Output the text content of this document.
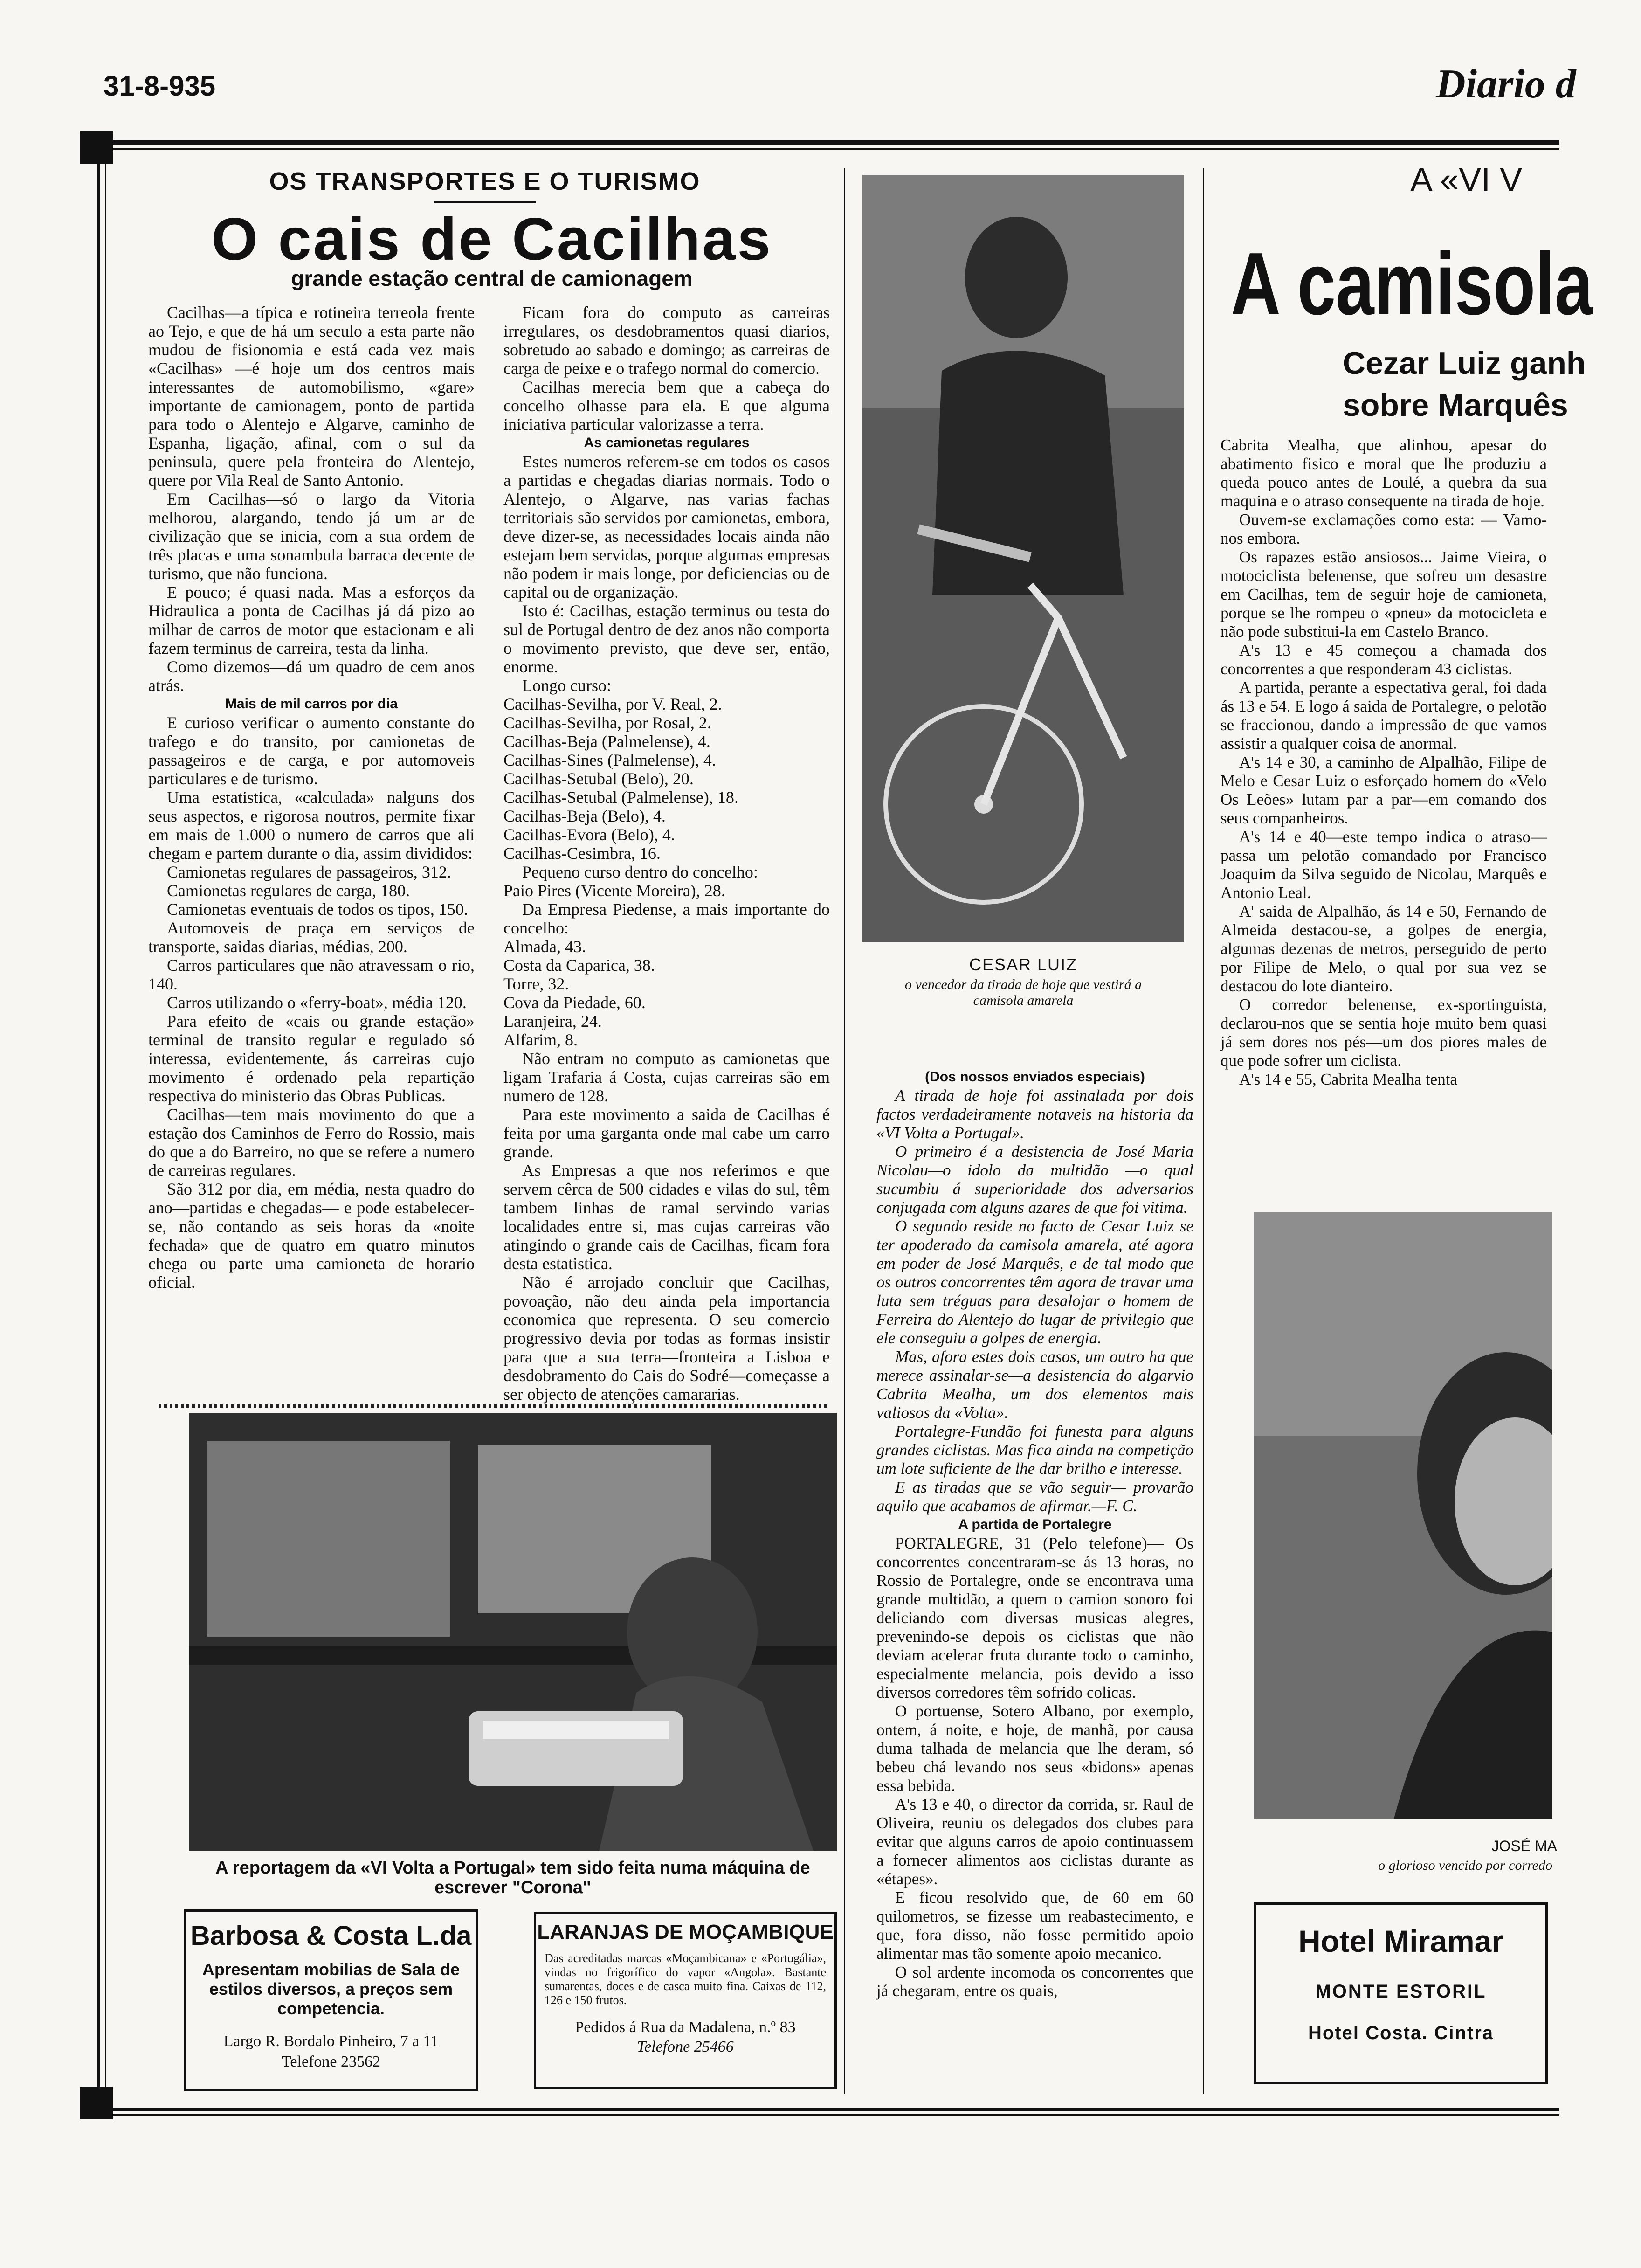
31-8-935	Diario d
OS TRANSPORTES E O TURISMO
O cais de Cacilhas
grande estação central de camionagem

Cacilhas—a típica e rotineira terreola frente ao Tejo, e que de há um seculo a esta parte não mudou de fisionomia e está cada vez mais «Cacilhas» —é hoje um dos centros mais interessantes de automobilismo, «gare» importante de camionagem, ponto de partida para todo o Alentejo e Algarve, caminho de Espanha, ligação, afinal, com o sul da peninsula, quere pela fronteira do Alentejo, quere por Vila Real de Santo Antonio.

Em Cacilhas—só o largo da Vitoria melhorou, alargando, tendo já um ar de civilização que se inicia, com a sua ordem de três placas e uma sonambula barraca decente de turismo, que não funciona.

E pouco; é quasi nada. Mas a esforços da Hidraulica a ponta de Cacilhas já dá pizo ao milhar de carros de motor que estacionam e ali fazem terminus de carreira, testa da linha.

Como dizemos—dá um quadro de cem anos atrás.

Mais de mil carros por dia

E curioso verificar o aumento constante do trafego e do transito, por camionetas de passageiros e de carga, e por automoveis particulares e de turismo.

Uma estatistica, «calculada» nalguns dos seus aspectos, e rigorosa noutros, permite fixar em mais de 1.000 o numero de carros que ali chegam e partem durante o dia, assim divididos:

Camionetas regulares de passageiros, 312.

Camionetas regulares de carga, 180.

Camionetas eventuais de todos os tipos, 150.

Automoveis de praça em serviços de transporte, saidas diarias, médias, 200.

Carros particulares que não atravessam o rio, 140.

Carros utilizando o «ferry-boat», média 120.

Para efeito de «cais ou grande estação» terminal de transito regular e regulado só interessa, evidentemente, ás carreiras cujo movimento é ordenado pela repartição respectiva do ministerio das Obras Publicas.

Cacilhas—tem mais movimento do que a estação dos Caminhos de Ferro do Rossio, mais do que a do Barreiro, no que se refere a numero de carreiras regulares.

São 312 por dia, em média, nesta quadro do ano—partidas e chegadas— e pode estabelecer-se, não contando as seis horas da «noite fechada» que de quatro em quatro minutos chega ou parte uma camioneta de horario oficial.

Ficam fora do computo as carreiras irregulares, os desdobramentos quasi diarios, sobretudo ao sabado e domingo; as carreiras de carga de peixe e o trafego normal do comercio.

Cacilhas merecia bem que a cabeça do concelho olhasse para ela. E que alguma iniciativa particular valorizasse a terra.

As camionetas regulares

Estes numeros referem-se em todos os casos a partidas e chegadas diarias normais. Todo o Alentejo, o Algarve, nas varias fachas territoriais são servidos por camionetas, embora, deve dizer-se, as necessidades locais ainda não estejam bem servidas, porque algumas empresas não podem ir mais longe, por deficiencias ou de capital ou de organização.

Isto é: Cacilhas, estação terminus ou testa do sul de Portugal dentro de dez anos não comporta o movimento previsto, que deve ser, então, enorme.

Longo curso:

Cacilhas-Sevilha, por V. Real, 2.

Cacilhas-Sevilha, por Rosal, 2.

Cacilhas-Beja (Palmelense), 4.

Cacilhas-Sines (Palmelense), 4.

Cacilhas-Setubal (Belo), 20.

Cacilhas-Setubal (Palmelense), 18.

Cacilhas-Beja (Belo), 4.

Cacilhas-Evora (Belo), 4.

Cacilhas-Cesimbra, 16.

Pequeno curso dentro do concelho:

Paio Pires (Vicente Moreira), 28.

Da Empresa Piedense, a mais importante do concelho:

Almada, 43.

Costa da Caparica, 38.

Torre, 32.

Cova da Piedade, 60.

Laranjeira, 24.

Alfarim, 8.

Não entram no computo as camionetas que ligam Trafaria á Costa, cujas carreiras são em numero de 128.

Para este movimento a saida de Cacilhas é feita por uma garganta onde mal cabe um carro grande.

As Empresas a que nos referimos e que servem cêrca de 500 cidades e vilas do sul, têm tambem linhas de ramal servindo varias localidades entre si, mas cujas carreiras vão atingindo o grande cais de Cacilhas, ficam fora desta estatistica.

Não é arrojado concluir que Cacilhas, povoação, não deu ainda pela importancia economica que representa. O seu comercio progressivo devia por todas as formas insistir para que a sua terra—fronteira a Lisboa e desdobramento do Cais do Sodré—começasse a ser objecto de atenções camararias.

A reportagem da «VI Volta a Portugal» tem sido feita numa máquina de escrever "Corona"
Barbosa & Costa L.da
Apresentam mobilias de Sala de estilos diversos, a preços sem competencia.
Largo R. Bordalo Pinheiro, 7 a 11
Telefone 23562
LARANJAS DE MOÇAMBIQUE
Das acreditadas marcas «Moçambicana» e «Portugália», vindas no frigorífico do vapor «Angola». Bastante sumarentas, doces e de casca muito fina. Caixas de 112, 126 e 150 frutos.
Pedidos á Rua da Madalena, n.º 83
Telefone 25466
CESAR LUIZ
o vencedor da tirada de hoje que vestirá a camisola amarela

(Dos nossos enviados especiais)

A tirada de hoje foi assinalada por dois factos verdadeiramente notaveis na historia da «VI Volta a Portugal».

O primeiro é a desistencia de José Maria Nicolau—o idolo da multidão —o qual sucumbiu á superioridade dos adversarios conjugada com alguns azares de que foi vitima.

O segundo reside no facto de Cesar Luiz se ter apoderado da camisola amarela, até agora em poder de José Marquês, e de tal modo que os outros concorrentes têm agora de travar uma luta sem tréguas para desalojar o homem de Ferreira do Alentejo do lugar de privilegio que ele conseguiu a golpes de energia.

Mas, afora estes dois casos, um outro ha que merece assinalar-se—a desistencia do algarvio Cabrita Mealha, um dos elementos mais valiosos da «Volta».

Portalegre-Fundão foi funesta para alguns grandes ciclistas. Mas fica ainda na competição um lote suficiente de lhe dar brilho e interesse.

E as tiradas que se vão seguir— provarão aquilo que acabamos de afirmar.—F. C.

A partida de Portalegre

PORTALEGRE, 31 (Pelo telefone)— Os concorrentes concentraram-se ás 13 horas, no Rossio de Portalegre, onde se encontrava uma grande multidão, a quem o camion sonoro foi deliciando com diversas musicas alegres, prevenindo-se depois os ciclistas que não deviam acelerar fruta durante todo o caminho, especialmente melancia, pois devido a isso diversos corredores têm sofrido colicas.

O portuense, Sotero Albano, por exemplo, ontem, á noite, e hoje, de manhã, por causa duma talhada de melancia que lhe deram, só bebeu chá levando nos seus «bidons» apenas essa bebida.

A's 13 e 40, o director da corrida, sr. Raul de Oliveira, reuniu os delegados dos clubes para evitar que alguns carros de apoio continuassem a fornecer alimentos aos ciclistas durante as «étapes».

E ficou resolvido que, de 60 em 60 quilometros, se fizesse um reabastecimento, e que, fora disso, não fosse permitido apoio alimentar mas tão somente apoio mecanico.

O sol ardente incomoda os concorrentes que já chegaram, entre os quais,

A «VI V
A camisola
Cezar Luiz ganh
sobre Marquês

Cabrita Mealha, que alinhou, apesar do abatimento fisico e moral que lhe produziu a queda pouco antes de Loulé, a quebra da sua maquina e o atraso consequente na tirada de hoje.

Ouvem-se exclamações como esta: — Vamo-nos embora.

Os rapazes estão ansiosos... Jaime Vieira, o motociclista belenense, que sofreu um desastre em Cacilhas, tem de seguir hoje de camioneta, porque se lhe rompeu o «pneu» da motocicleta e não pode substitui-la em Castelo Branco.

A's 13 e 45 começou a chamada dos concorrentes a que responderam 43 ciclistas.

A partida, perante a espectativa geral, foi dada ás 13 e 54. E logo á saida de Portalegre, o pelotão se fraccionou, dando a impressão de que vamos assistir a qualquer coisa de anormal.

A's 14 e 30, a caminho de Alpalhão, Filipe de Melo e Cesar Luiz o esforçado homem do «Velo Os Leões» lutam par a par—em comando dos seus companheiros.

A's 14 e 40—este tempo indica o atraso—passa um pelotão comandado por Francisco Joaquim da Silva seguido de Nicolau, Marquês e Antonio Leal.

A' saida de Alpalhão, ás 14 e 50, Fernando de Almeida destacou-se, a golpes de energia, algumas dezenas de metros, perseguido de perto por Filipe de Melo, o qual por sua vez se destacou do lote dianteiro.

O corredor belenense, ex-sportinguista, declarou-nos que se sentia hoje muito bem quasi já sem dores nos pés—um dos piores males de que pode sofrer um ciclista.

A's 14 e 55, Cabrita Mealha tenta

JOSÉ MA
o glorioso vencido por corredo
Hotel Miramar
MONTE ESTORIL
Hotel Costa. Cintra
